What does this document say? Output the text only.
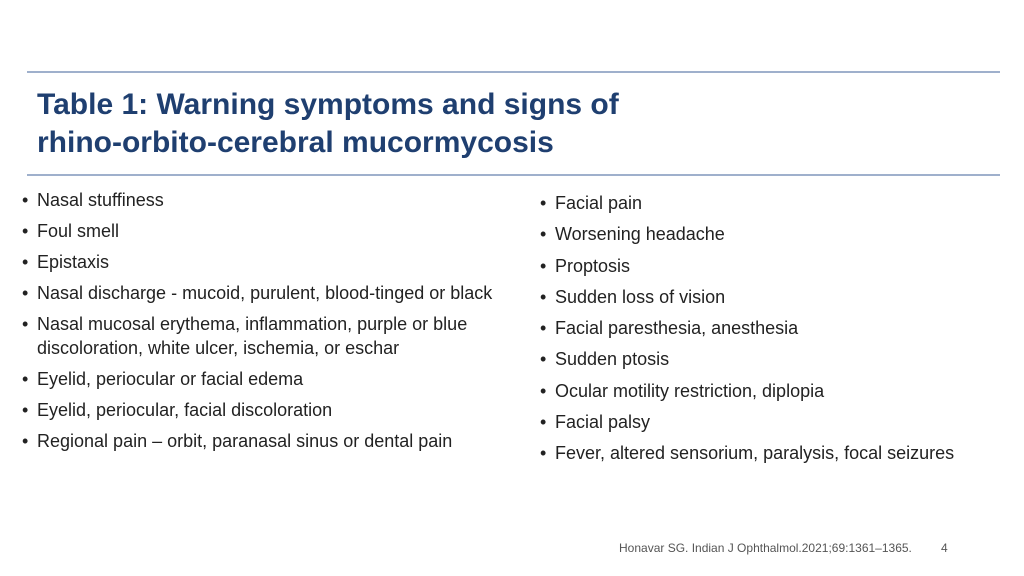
Table 1: Warning symptoms and signs of
rhino-orbito-cerebral mucormycosis
• Nasal stuffiness
• Foul smell
• Epistaxis
• Nasal discharge - mucoid, purulent, blood-tinged or black
• Nasal mucosal erythema, inflammation, purple or blue discoloration, white ulcer, ischemia, or eschar
• Eyelid, periocular or facial edema
• Eyelid, periocular, facial discoloration
• Regional pain – orbit, paranasal sinus or dental pain
• Facial pain
• Worsening headache
• Proptosis
• Sudden loss of vision
• Facial paresthesia, anesthesia
• Sudden ptosis
• Ocular motility restriction, diplopia
• Facial palsy
• Fever, altered sensorium, paralysis, focal seizures
Honavar SG. Indian J Ophthalmol.2021;69:1361–1365. 4
